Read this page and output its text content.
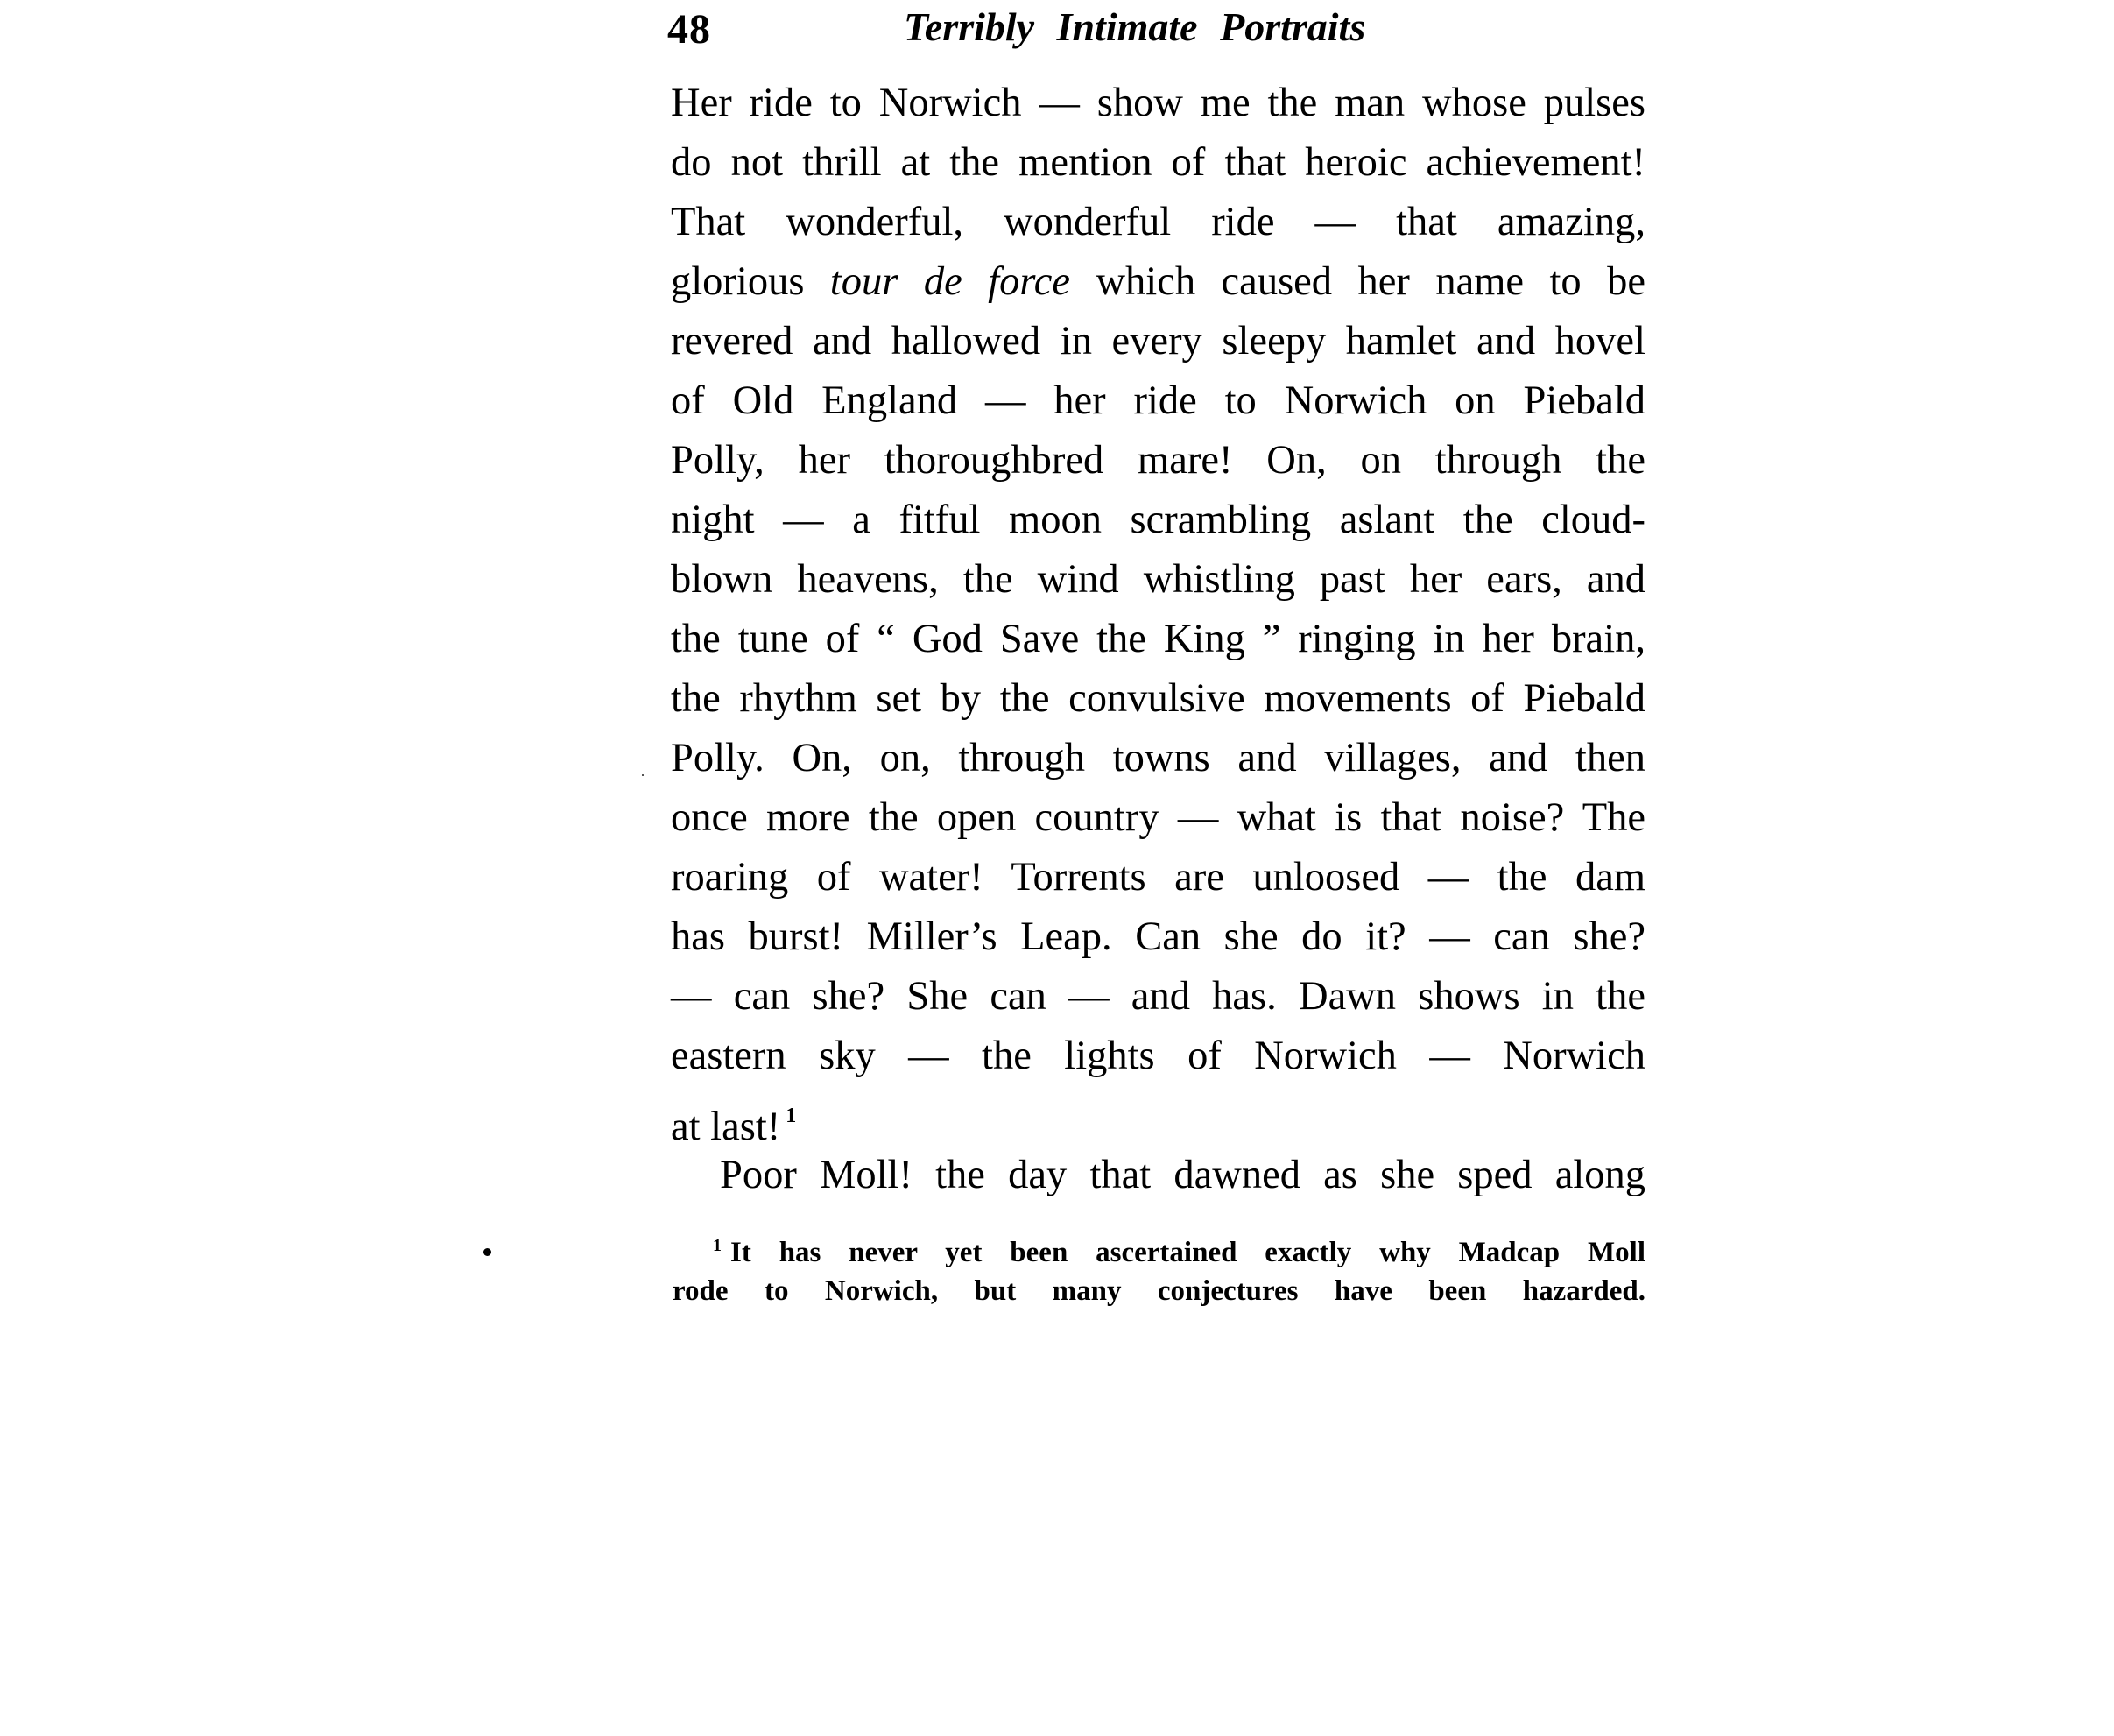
48	Terribly Intimate Portraits
Her ride to Norwich — show me the man whose pulses
do not thrill at the mention of that heroic achievement!
That wonderful, wonderful ride — that amazing,
glorious tour de force which caused her name to be
revered and hallowed in every sleepy hamlet and hovel
of Old England — her ride to Norwich on Piebald
Polly, her thoroughbred mare! On, on through the
night — a fitful moon scrambling aslant the cloud-
blown heavens, the wind whistling past her ears, and
the tune of “ God Save the King ” ringing in her brain,
the rhythm set by the convulsive movements of Piebald
Polly. On, on, through towns and villages, and then
once more the open country — what is that noise? The
roaring of water! Torrents are unloosed — the dam
has burst! Miller’s Leap. Can she do it? — can she?
— can she? She can — and has. Dawn shows in the
eastern sky — the lights of Norwich — Norwich
at last! $^1$
Poor Moll! the day that dawned as she sped along
$^1$ It has never yet been ascertained exactly why Madcap Moll
rode to Norwich, but many conjectures have been hazarded.
